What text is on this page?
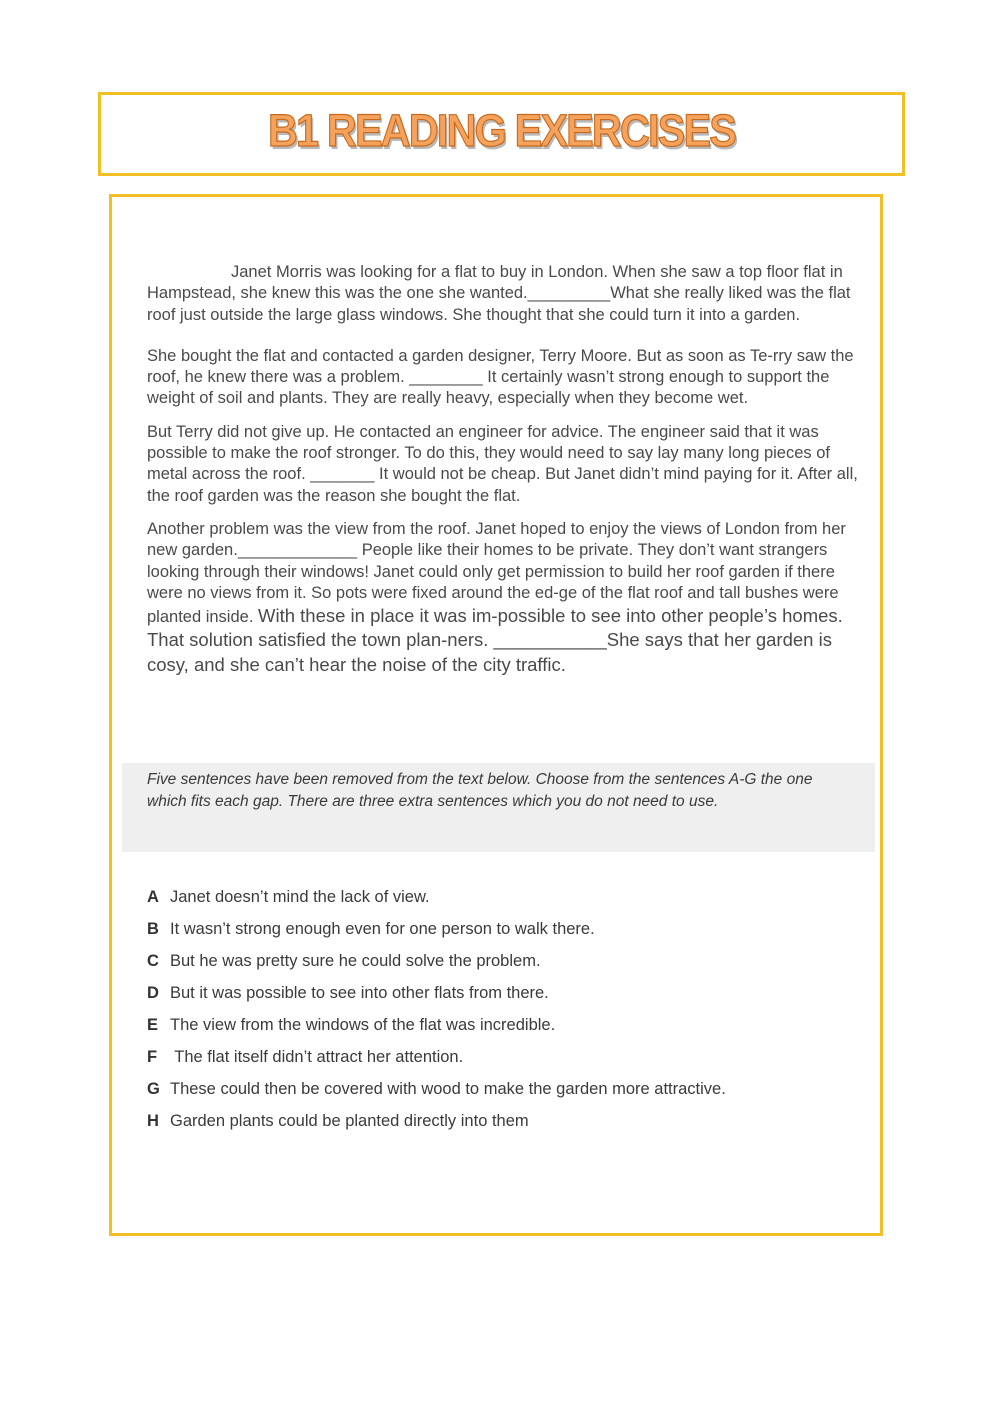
B1 READING EXERCISES

Janet Morris was looking for a flat to buy in London. When she saw a top floor flat in Hampstead, she knew this was the one she wanted._________What she really liked was the flat roof just outside the large glass windows. She thought that she could turn it into a garden.

She bought the flat and contacted a garden designer, Terry Moore. But as soon as Te-rry saw the roof, he knew there was a problem. ________ It certainly wasn’t strong enough to support the weight of soil and plants. They are really heavy, especially when they become wet.

But Terry did not give up. He contacted an engineer for advice. The engineer said that it was possible to make the roof stronger. To do this, they would need to say lay many long pieces of metal across the roof. _______ It would not be cheap. But Janet didn’t mind paying for it. After all, the roof garden was the reason she bought the flat.

Another problem was the view from the roof. Janet hoped to enjoy the views of London from her new garden._____________ People like their homes to be private. They don’t want strangers looking through their windows! Janet could only get permission to build her roof garden if there were no views from it. So pots were fixed around the ed-ge of the flat roof and tall bushes were planted inside. With these in place it was im-possible to see into other people’s homes. That solution satisfied the town plan-ners. ___________She says that her garden is cosy, and she can’t hear the noise of the city traffic.

Five sentences have been removed from the text below. Choose from the sentences A-G the one which fits each gap. There are three extra sentences which you do not need to use.
A Janet doesn’t mind the lack of view.
B It wasn’t strong enough even for one person to walk there.
C But he was pretty sure he could solve the problem.
D But it was possible to see into other flats from there.
E The view from the windows of the flat was incredible.
F The flat itself didn’t attract her attention.
G These could then be covered with wood to make the garden more attractive.
H Garden plants could be planted directly into them
